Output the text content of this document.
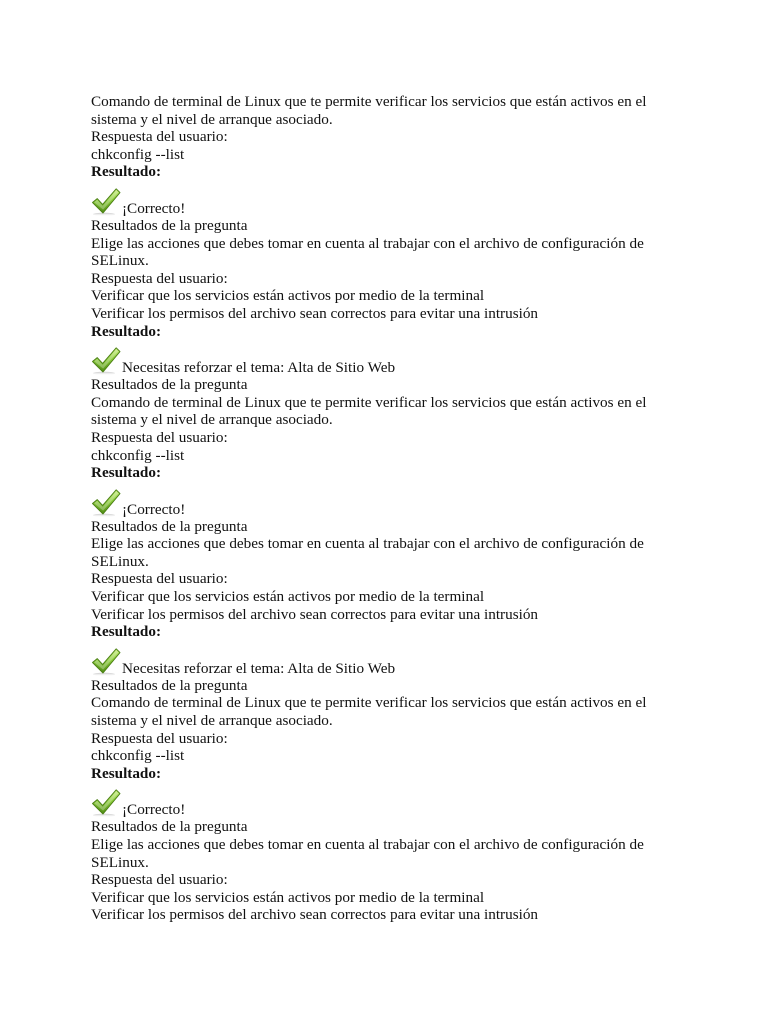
Comando de terminal de Linux que te permite verificar los servicios que están activos en el sistema y el nivel de arranque asociado.
Respuesta del usuario:
chkconfig --list
Resultado:
¡Correcto!
Resultados de la pregunta
Elige las acciones que debes tomar en cuenta al trabajar con el archivo de configuración de SELinux.
Respuesta del usuario:
Verificar que los servicios están activos por medio de la terminal
Verificar los permisos del archivo sean correctos para evitar una intrusión
Resultado:
Necesitas reforzar el tema: Alta de Sitio Web
Resultados de la pregunta
Comando de terminal de Linux que te permite verificar los servicios que están activos en el sistema y el nivel de arranque asociado.
Respuesta del usuario:
chkconfig --list
Resultado:
¡Correcto!
Resultados de la pregunta
Elige las acciones que debes tomar en cuenta al trabajar con el archivo de configuración de SELinux.
Respuesta del usuario:
Verificar que los servicios están activos por medio de la terminal
Verificar los permisos del archivo sean correctos para evitar una intrusión
Resultado:
Necesitas reforzar el tema: Alta de Sitio Web
Resultados de la pregunta
Comando de terminal de Linux que te permite verificar los servicios que están activos en el sistema y el nivel de arranque asociado.
Respuesta del usuario:
chkconfig --list
Resultado:
¡Correcto!
Resultados de la pregunta
Elige las acciones que debes tomar en cuenta al trabajar con el archivo de configuración de SELinux.
Respuesta del usuario:
Verificar que los servicios están activos por medio de la terminal
Verificar los permisos del archivo sean correctos para evitar una intrusión
